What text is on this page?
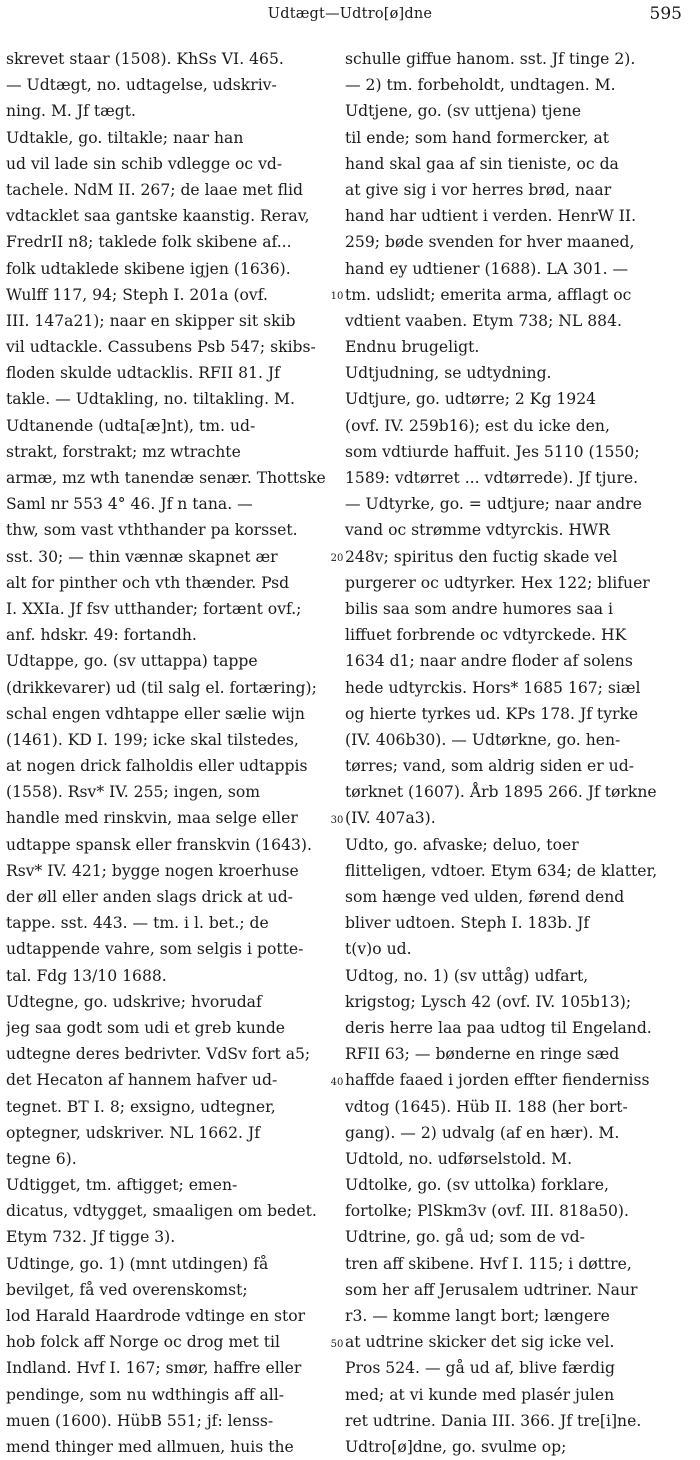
Udtægt—Udtro[ø]dne	595
skrevet staar (1508). KhSs VI. 465.
— Udtægt, no. udtagelse, udskriv-
ning. M. Jf tægt.
Udtakle, go. tiltakle; naar han
ud vil lade sin schib vdlegge oc vd-
tachele. NdM II. 267; de laae met flid
vdtacklet saa gantske kaanstig. Rerav,
FredrII n8; taklede folk skibene af...
folk udtaklede skibene igjen (1636).
Wulff 117, 94; Steph I. 201a (ovf.
III. 147a21); naar en skipper sit skib
vil udtackle. Cassubens Psb 547; skibs-
floden skulde udtacklis. RFII 81. Jf
takle. — Udtakling, no. tiltakling. M.
Udtanende (udta[æ]nt), tm. ud-
strakt, forstrakt; mz wtrachte
armæ, mz wth tanendæ senær. Thottske
Saml nr 553 4° 46. Jf n tana. —
thw, som vast vththander pa korsset.
sst. 30; — thin vænnæ skapnet ær
alt for pinther och vth thænder. Psd
I. XXIa. Jf fsv utthander; fortænt ovf.;
anf. hdskr. 49: fortandh.
Udtappe, go. (sv uttappa) tappe
(drikkevarer) ud (til salg el. fortæring);
schal engen vdhtappe eller sælie wijn
(1461). KD I. 199; icke skal tilstedes,
at nogen drick falholdis eller udtappis
(1558). Rsv* IV. 255; ingen, som
handle med rinskvin, maa selge eller
udtappe spansk eller franskvin (1643).
Rsv* IV. 421; bygge nogen kroerhuse
der øll eller anden slags drick at ud-
tappe. sst. 443. — tm. i l. bet.; de
udtappende vahre, som selgis i potte-
tal. Fdg 13/10 1688.
Udtegne, go. udskrive; hvorudaf
jeg saa godt som udi et greb kunde
udtegne deres bedrivter. VdSv fort a5;
det Hecaton af hannem hafver ud-
tegnet. BT I. 8; exsigno, udtegner,
optegner, udskriver. NL 1662. Jf
tegne 6).
Udtigget, tm. aftigget; emen-
dicatus, vdtygget, smaaligen om bedet.
Etym 732. Jf tigge 3).
Udtinge, go. 1) (mnt utdingen) få
bevilget, få ved overenskomst;
lod Harald Haardrode vdtinge en stor
hob folck aff Norge oc drog met til
Indland. Hvf I. 167; smør, haffre eller
pendinge, som nu wdthingis aff all-
muen (1600). HübB 551; jf: lenss-
mend thinger med allmuen, huis the
10
20
30
40
50
schulle giffue hanom. sst. Jf tinge 2).
— 2) tm. forbeholdt, undtagen. M.
Udtjene, go. (sv uttjena) tjene
til ende; som hand formercker, at
hand skal gaa af sin tieniste, oc da
at give sig i vor herres brød, naar
hand har udtient i verden. HenrW II.
259; bøde svenden for hver maaned,
hand ey udtiener (1688). LA 301. —
tm. udslidt; emerita arma, afflagt oc
vdtient vaaben. Etym 738; NL 884.
Endnu brugeligt.
Udtjudning, se udtydning.
Udtjure, go. udtørre; 2 Kg 1924
(ovf. IV. 259b16); est du icke den,
som vdtiurde haffuit. Jes 5110 (1550;
1589: vdtørret ... vdtørrede). Jf tjure.
— Udtyrke, go. = udtjure; naar andre
vand oc strømme vdtyrckis. HWR
248v; spiritus den fuctig skade vel
purgerer oc udtyrker. Hex 122; blifuer
bilis saa som andre humores saa i
liffuet forbrende oc vdtyrckede. HK
1634 d1; naar andre floder af solens
hede udtyrckis. Hors* 1685 167; siæl
og hierte tyrkes ud. KPs 178. Jf tyrke
(IV. 406b30). — Udtørkne, go. hen-
tørres; vand, som aldrig siden er ud-
tørknet (1607). Årb 1895 266. Jf tørkne
(IV. 407a3).
Udto, go. afvaske; deluo, toer
flitteligen, vdtoer. Etym 634; de klatter,
som hænge ved ulden, førend dend
bliver udtoen. Steph I. 183b. Jf
t(v)o ud.
Udtog, no. 1) (sv uttåg) udfart,
krigstog; Lysch 42 (ovf. IV. 105b13);
deris herre laa paa udtog til Engeland.
RFII 63; — bønderne en ringe sæd
haffde faaed i jorden effter fienderniss
vdtog (1645). Hüb II. 188 (her bort-
gang). — 2) udvalg (af en hær). M.
Udtold, no. udførselstold. M.
Udtolke, go. (sv uttolka) forklare,
fortolke; PlSkm3v (ovf. III. 818a50).
Udtrine, go. gå ud; som de vd-
tren aff skibene. Hvf I. 115; i døttre,
som her aff Jerusalem udtriner. Naur
r3. — komme langt bort; længere
at udtrine skicker det sig icke vel.
Pros 524. — gå ud af, blive færdig
med; at vi kunde med plasér julen
ret udtrine. Dania III. 366. Jf tre[i]ne.
Udtro[ø]dne, go. svulme op;
